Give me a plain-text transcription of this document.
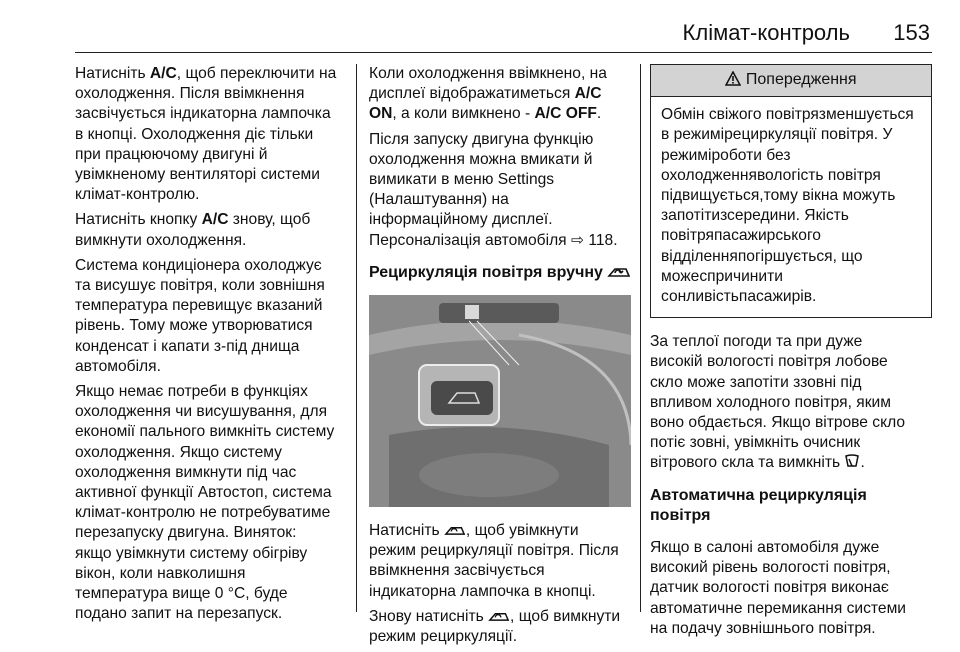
Клімат-контроль 153
Натисніть A/C, щоб переключити на
охолодження. Після ввімкнення
засвічується індикаторна лампочка
в кнопці. Охолодження діє тільки
при працюючому двигуні й
увімкненому вентиляторі системи
клімат-контролю.
Натисніть кнопку A/C знову, щоб
вимкнути охолодження.
Система кондиціонера охолоджує
та висушує повітря, коли зовнішня
температура перевищує вказаний
рівень. Тому може утворюватися
конденсат і капати з-під днища
автомобіля.
Якщо немає потреби в функціях
охолодження чи висушування, для
економії пального вимкніть систему
охолодження. Якщо систему
охолодження вимкнути під час
активної функції Автостоп, система
клімат-контролю не потребуватиме
перезапуску двигуна. Виняток:
якщо увімкнути систему обігріву
вікон, коли навколишня
температура вище 0 °C, буде
подано запит на перезапуск.
Коли охолодження ввімкнено, на
дисплеї відображатиметься A/C
ON, а коли вимкнено - A/C OFF.
Після запуску двигуна функцію
охолодження можна вмикати й
вимикати в меню Settings
(Налаштування) на
інформаційному дисплеї.
Персоналізація автомобіля ⇨ 118.
Рециркуляція повітря вручну
Натисніть , щоб увімкнути
режим рециркуляції повітря. Після
ввімкнення засвічується
індикаторна лампочка в кнопці.
Знову натисніть , щоб вимкнути
режим рециркуляції.
Попередження
Обмін свіжого повітрязменшується в режимірециркуляції повітря. У режиміроботи без охолодженнявологість повітря підвищується,тому вікна можуть запотітизсередини. Якість повітряпасажирського відділенняпогіршується, що можеспричинити сонливістьпасажирів.
За теплої погоди та при дуже
високій вологості повітря лобове
скло може запотіти ззовні під
впливом холодного повітря, яким
воно обдається. Якщо вітрове скло
потіє зовні, увімкніть очисник
вітрового скла та вимкніть .
Автоматична рециркуляція
повітря
Якщо в салоні автомобіля дуже
високий рівень вологості повітря,
датчик вологості повітря виконає
автоматичне перемикання системи
на подачу зовнішнього повітря.
